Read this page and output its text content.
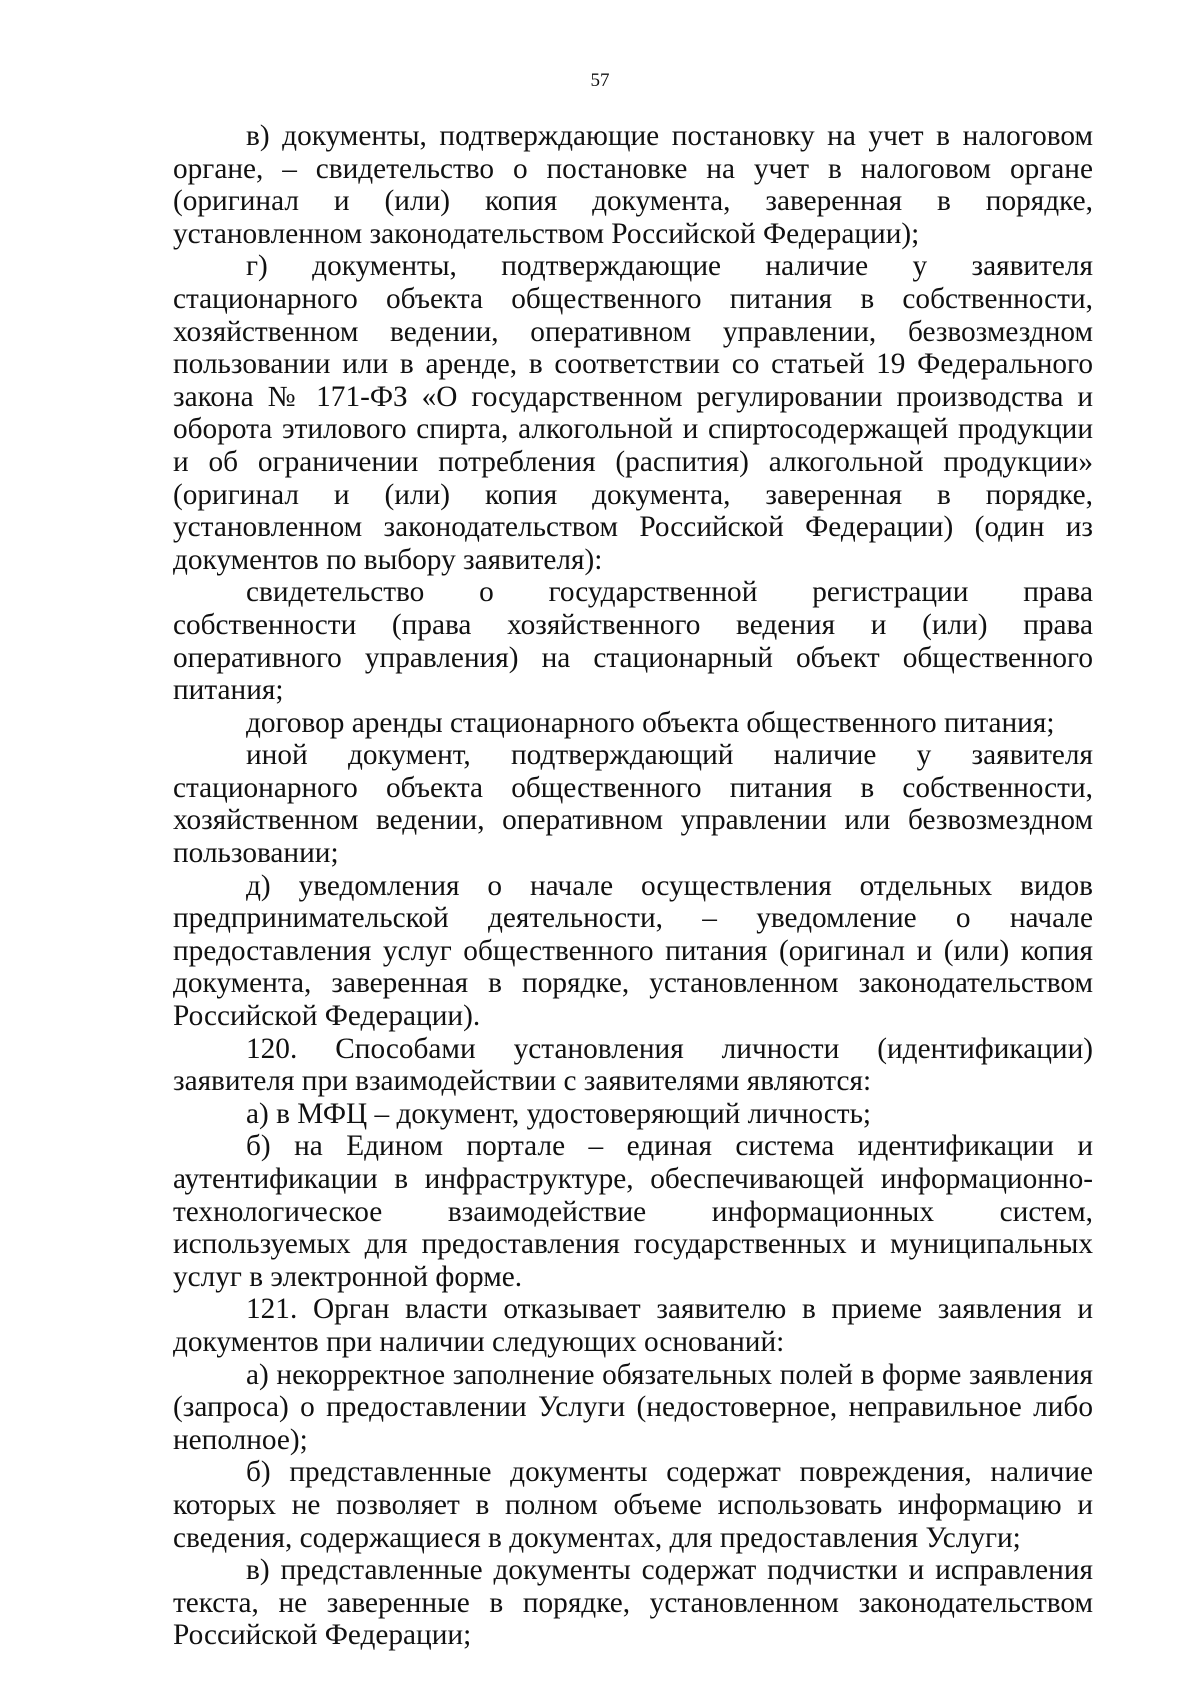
57

в) документы, подтверждающие постановку на учет в налоговом органе, – свидетельство о постановке на учет в налоговом органе (оригинал и (или) копия документа, заверенная в порядке, установленном законодательством Российской Федерации);

г) документы, подтверждающие наличие у заявителя стационарного объекта общественного питания в собственности, хозяйственном ведении, оперативном управлении, безвозмездном пользовании или в аренде, в соответствии со статьей 19 Федерального закона № 171-ФЗ «О государственном регулировании производства и оборота этилового спирта, алкогольной и спиртосодержащей продукции и об ограничении потребления (распития) алкогольной продукции» (оригинал и (или) копия документа, заверенная в порядке, установленном законодательством Российской Федерации) (один из документов по выбору заявителя):

свидетельство о государственной регистрации права собственности (права хозяйственного ведения и (или) права оперативного управления) на стационарный объект общественного питания;

договор аренды стационарного объекта общественного питания;

иной документ, подтверждающий наличие у заявителя стационарного объекта общественного питания в собственности, хозяйственном ведении, оперативном управлении или безвозмездном пользовании;

д) уведомления о начале осуществления отдельных видов предпринимательской деятельности, – уведомление о начале предоставления услуг общественного питания (оригинал и (или) копия документа, заверенная в порядке, установленном законодательством Российской Федерации).

120. Способами установления личности (идентификации) заявителя при взаимодействии с заявителями являются:

а) в МФЦ – документ, удостоверяющий личность;

б) на Едином портале – единая система идентификации и аутентификации в инфраструктуре, обеспечивающей информационно-технологическое взаимодействие информационных систем, используемых для предоставления государственных и муниципальных услуг в электронной форме.

121. Орган власти отказывает заявителю в приеме заявления и документов при наличии следующих оснований:

а) некорректное заполнение обязательных полей в форме заявления (запроса) о предоставлении Услуги (недостоверное, неправильное либо неполное);

б) представленные документы содержат повреждения, наличие которых не позволяет в полном объеме использовать информацию и сведения, содержащиеся в документах, для предоставления Услуги;

в) представленные документы содержат подчистки и исправления текста, не заверенные в порядке, установленном законодательством Российской Федерации;
